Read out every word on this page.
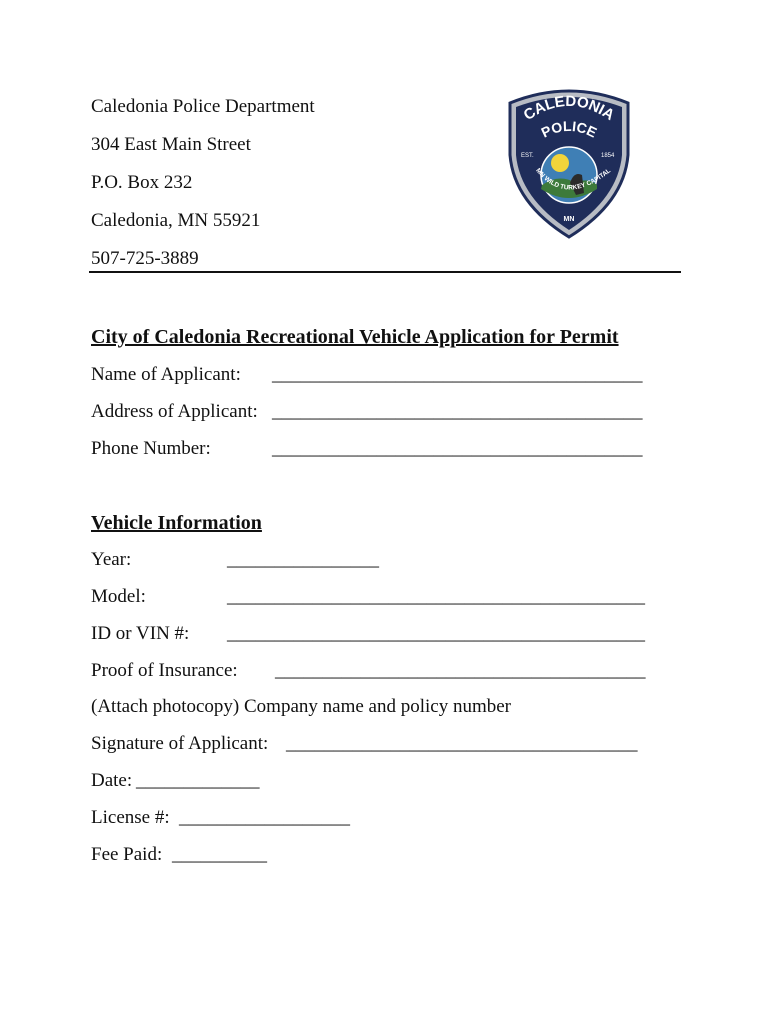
Caledonia Police Department
304 East Main Street
P.O. Box 232
Caledonia, MN 55921
507-725-3889
CALEDONIA
POLICE
EST.	1854
MN WILD TURKEY CAPITAL
MN
City of Caledonia Recreational Vehicle Application for Permit
Name of Applicant: _______________________________________
Address of Applicant: _______________________________________
Phone Number:	_______________________________________
Vehicle Information
Year:	________________
Model:	____________________________________________
ID or VIN #: ____________________________________________
Proof of Insurance: _______________________________________
(Attach photocopy) Company name and policy number
Signature of Applicant: _____________________________________
Date: _____________
License #: __________________
Fee Paid: __________
